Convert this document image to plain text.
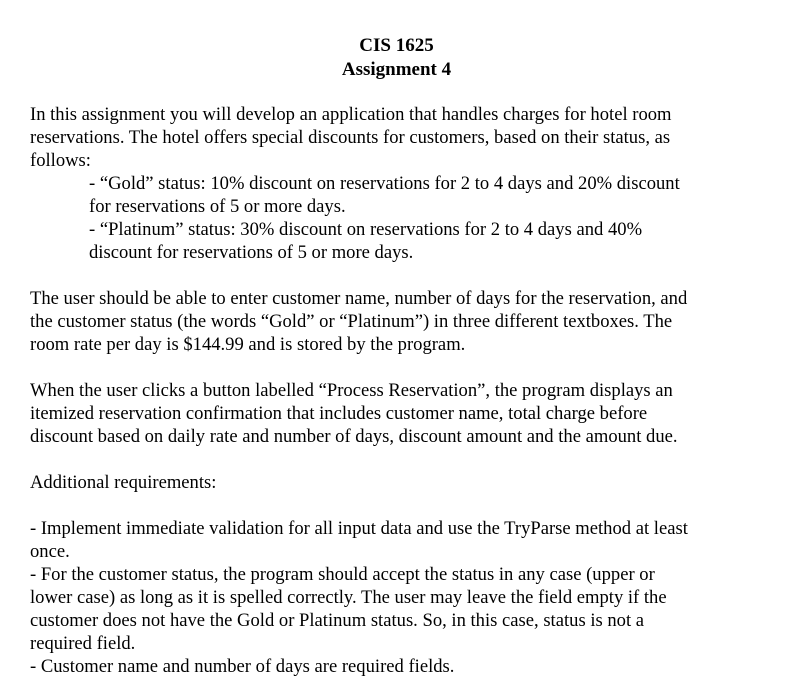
CIS 1625
Assignment 4
In this assignment you will develop an application that handles charges for hotel room
reservations. The hotel offers special discounts for customers, based on their status, as
follows:
- “Gold” status: 10% discount on reservations for 2 to 4 days and 20% discount
for reservations of 5 or more days.
- “Platinum” status: 30% discount on reservations for 2 to 4 days and 40%
discount for reservations of 5 or more days.
The user should be able to enter customer name, number of days for the reservation, and
the customer status (the words “Gold” or “Platinum”) in three different textboxes. The
room rate per day is $144.99 and is stored by the program.
When the user clicks a button labelled “Process Reservation”, the program displays an
itemized reservation confirmation that includes customer name, total charge before
discount based on daily rate and number of days, discount amount and the amount due.
Additional requirements:
- Implement immediate validation for all input data and use the TryParse method at least
once.
- For the customer status, the program should accept the status in any case (upper or
lower case) as long as it is spelled correctly. The user may leave the field empty if the
customer does not have the Gold or Platinum status. So, in this case, status is not a
required field.
- Customer name and number of days are required fields.
